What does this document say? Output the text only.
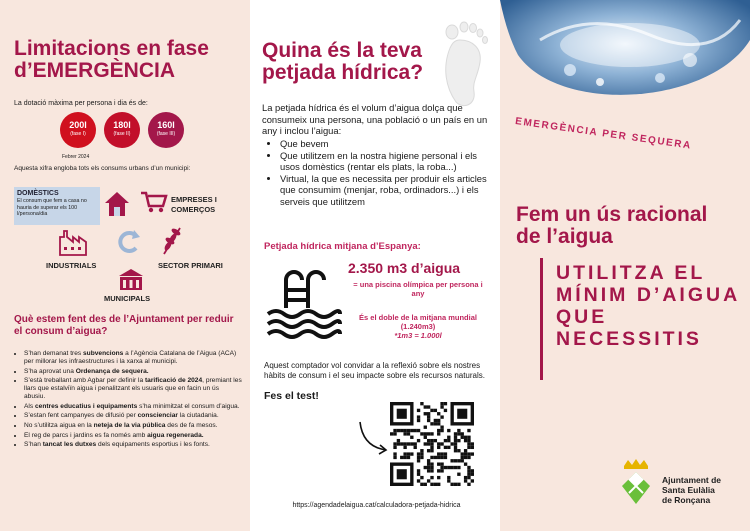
Limitacions en fase d’EMERGÈNCIA
La dotació màxima per persona i dia és de:
200l
(fase I)
180l
(fase II)
160l
(fase III)
Febrer 2024
Aquesta xifra engloba tots els consums urbans d’un municipi:
DOMÈSTICS
El consum que fem a casa no hauria de superar els 100 l/persona/dia
EMPRESES I COMERÇOS
INDUSTRIALS	SECTOR PRIMARI
MUNICIPALS
Què estem fent des de l’Ajuntament per reduir el consum d’aigua?
• S’han demanat tres subvencions a l’Agència Catalana de l’Aigua (ACA) per millorar les infraestructures i la xarxa al municipi.
• S’ha aprovat una Ordenança de sequera.
• S’està treballant amb Agbar per definir la tarificació de 2024, premiant les llars que estalviïn aigua i penalitzant els usuaris que en facin un ús abusiu.
• Als centres educatius i equipaments s’ha minimitzat el consum d’aigua.
• S’estan fent campanyes de difusió per conscienciar la ciutadania.
• No s’utilitza aigua en la neteja de la via pública des de fa mesos.
• El reg de parcs i jardins es fa només amb aigua regenerada.
• S’han tancat les dutxes dels equipaments esportius i les fonts.
Quina és la teva petjada hídrica?

La petjada hídrica és el volum d’aigua dolça que consumeix una persona, una població o un país en un any i inclou l’aigua:

• Que bevem
• Que utilitzem en la nostra higiene personal i els usos domèstics (rentar els plats, la roba...)
• Virtual, la que es necessita per produir els articles que consumim (menjar, roba, ordinadors...) i els serveis que utilitzem
Petjada hídrica mitjana d’Espanya:
2.350 m3 d’aigua
= una piscina olímpica per persona i any
És el doble de la mitjana mundial (1.240m3)
*1m3 = 1.000l

Aquest comptador vol convidar a la reflexió sobre els nostres hàbits de consum i el seu impacte sobre els recursos naturals.

Fes el test!
https://agendadelaigua.cat/calculadora-petjada-hidrica
EMERGÈNCIA PER SEQUERA
Fem un ús racional de l’aigua
UTILITZA EL MÍNIM D’AIGUA QUE NECESSITIS
Ajuntament de
Santa Eulàlia
de Ronçana
